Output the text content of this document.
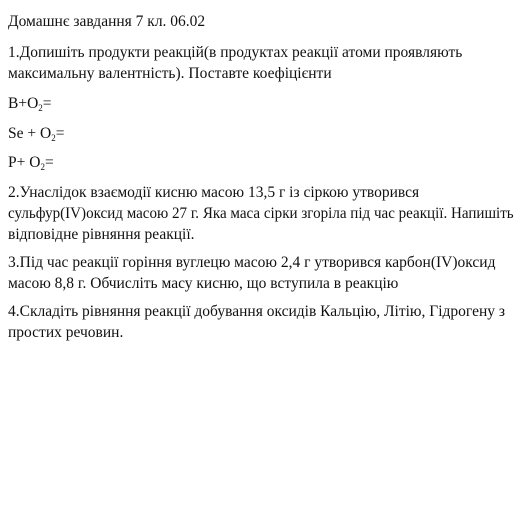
Домашнє завдання 7 кл. 06.02
1.Допишіть продукти реакцій(в продуктах реакції атоми проявляють
максимальну валентність). Поставте коефіцієнти
$B+O_2=$
$Se + O_2=$
$P+ O_2=$
2.Унаслідок взаємодії кисню масою 13,5 г із сіркою утворився
сульфур(IV)оксид масою 27 г. Яка маса сірки згоріла під час реакції. Напишіть
відповідне рівняння реакції.
3.Під час реакції горіння вуглецю масою 2,4 г утворився карбон(IV)оксид
масою 8,8 г. Обчисліть масу кисню, що вступила в реакцію
4.Складіть рівняння реакції добування оксидів Кальцію, Літію, Гідрогену з
простих речовин.
